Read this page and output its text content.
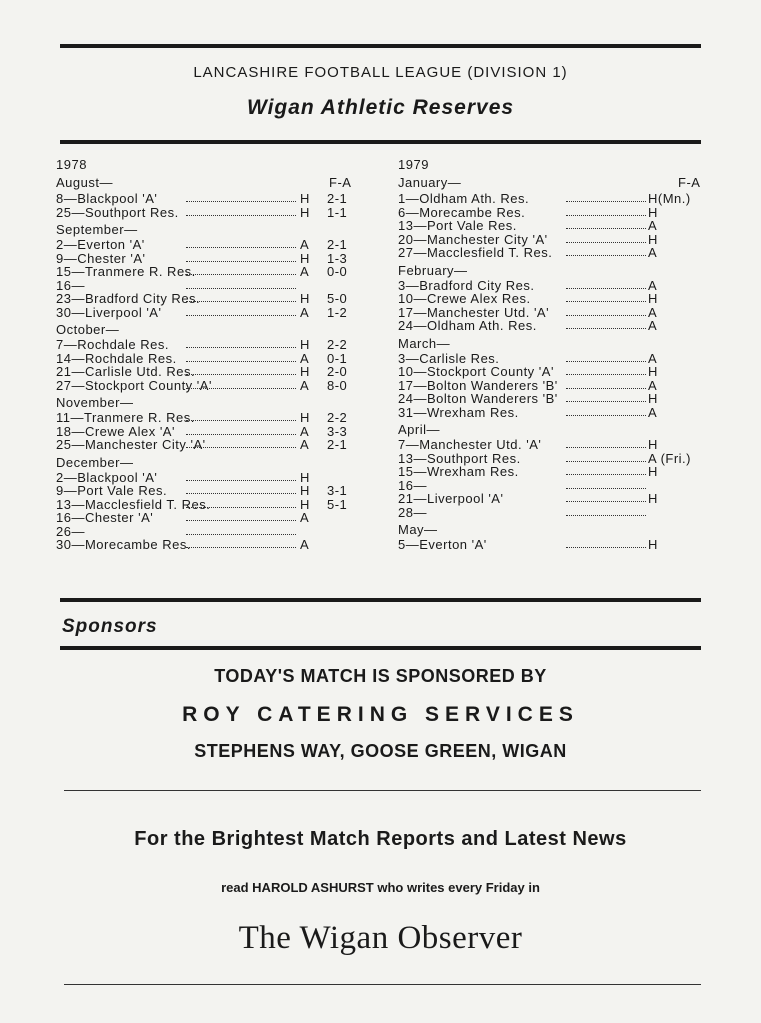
LANCASHIRE FOOTBALL LEAGUE (DIVISION 1)
Wigan Athletic Reserves
1978
August—	F-A
8—Blackpool 'A'	H 2-1
25—Southport Res.	H 1-1
September—
2—Everton 'A'	A 2-1
9—Chester 'A'	H 1-3
15—Tranmere R. Res.	A 0-0
16—
23—Bradford City Res.	H 5-0
30—Liverpool 'A'	A 1-2
October—
7—Rochdale Res.	H 2-2
14—Rochdale Res.	A 0-1
21—Carlisle Utd. Res.	H 2-0
27—Stockport County 'A'	A 8-0
November—
11—Tranmere R. Res.	H 2-2
18—Crewe Alex 'A'	A 3-3
25—Manchester City 'A'	A 2-1
December—
2—Blackpool 'A'	H
9—Port Vale Res.	H 3-1
13—Macclesfield T. Res.	H 5-1
16—Chester 'A'	A
26—
30—Morecambe Res.	A
1979
January—	F-A
1—Oldham Ath. Res.	H(Mn.)
6—Morecambe Res.	H
13—Port Vale Res.	A
20—Manchester City 'A'	H
27—Macclesfield T. Res.	A
February—
3—Bradford City Res.	A
10—Crewe Alex Res.	H
17—Manchester Utd. 'A'	A
24—Oldham Ath. Res.	A
March—
3—Carlisle Res.	A
10—Stockport County 'A'	H
17—Bolton Wanderers 'B'	A
24—Bolton Wanderers 'B'	H
31—Wrexham Res.	A
April—
7—Manchester Utd. 'A'	H
13—Southport Res.	A (Fri.)
15—Wrexham Res.	H
16—
21—Liverpool 'A'	H
28—
May—
5—Everton 'A'	H
Sponsors
TODAY'S MATCH IS SPONSORED BY
ROY CATERING SERVICES
STEPHENS WAY, GOOSE GREEN, WIGAN
For the Brightest Match Reports and Latest News
read HAROLD ASHURST who writes every Friday in
The Wigan Observer
